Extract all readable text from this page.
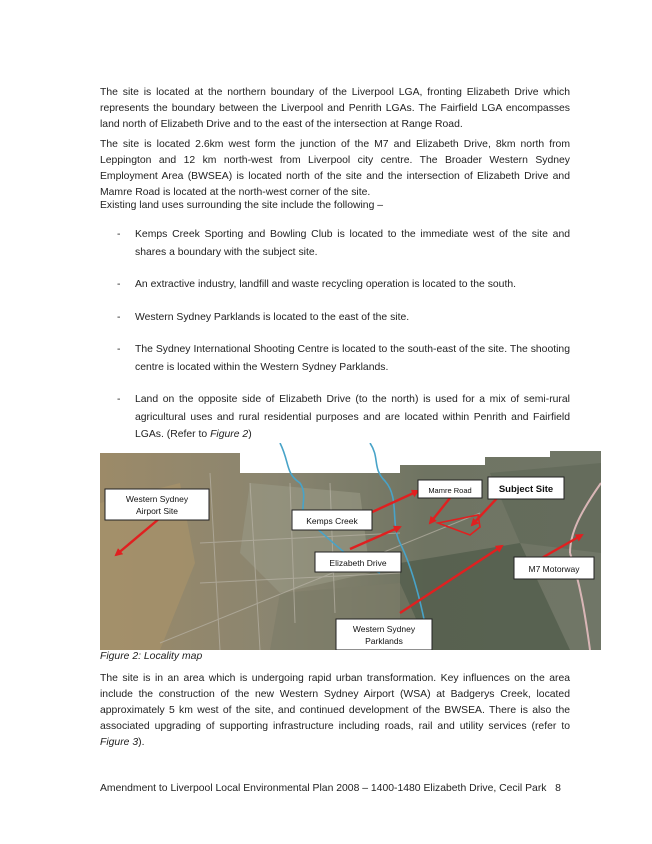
The site is located at the northern boundary of the Liverpool LGA, fronting Elizabeth Drive which represents the boundary between the Liverpool and Penrith LGAs. The Fairfield LGA encompasses land north of Elizabeth Drive and to the east of the intersection at Range Road.

The site is located 2.6km west form the junction of the M7 and Elizabeth Drive, 8km north from Leppington and 12 km north-west from Liverpool city centre. The Broader Western Sydney Employment Area (BWSEA) is located north of the site and the intersection of Elizabeth Drive and Mamre Road is located at the north-west corner of the site.

Existing land uses surrounding the site include the following –

- Kemps Creek Sporting and Bowling Club is located to the immediate west of the site and shares a boundary with the subject site.
- An extractive industry, landfill and waste recycling operation is located to the south.
- Western Sydney Parklands is located to the east of the site.
- The Sydney International Shooting Centre is located to the south-east of the site. The shooting centre is located within the Western Sydney Parklands.
- Land on the opposite side of Elizabeth Drive (to the north) is used for a mix of semi-rural agricultural uses and rural residential purposes and are located within Penrith and Fairfield LGAs. (Refer to Figure 2)
Western Sydney
Airport Site
Kemps Creek
Mamre Road	Subject Site
Elizabeth Drive
M7 Motorway
Western Sydney
Parklands
Figure 2: Locality map

The site is in an area which is undergoing rapid urban transformation. Key influences on the area include the construction of the new Western Sydney Airport (WSA) at Badgerys Creek, located approximately 5 km west of the site, and continued development of the BWSEA. There is also the associated upgrading of supporting infrastructure including roads, rail and utility services (refer to Figure 3).

Amendment to Liverpool Local Environmental Plan 2008 – 1400-1480 Elizabeth Drive, Cecil Park 8
